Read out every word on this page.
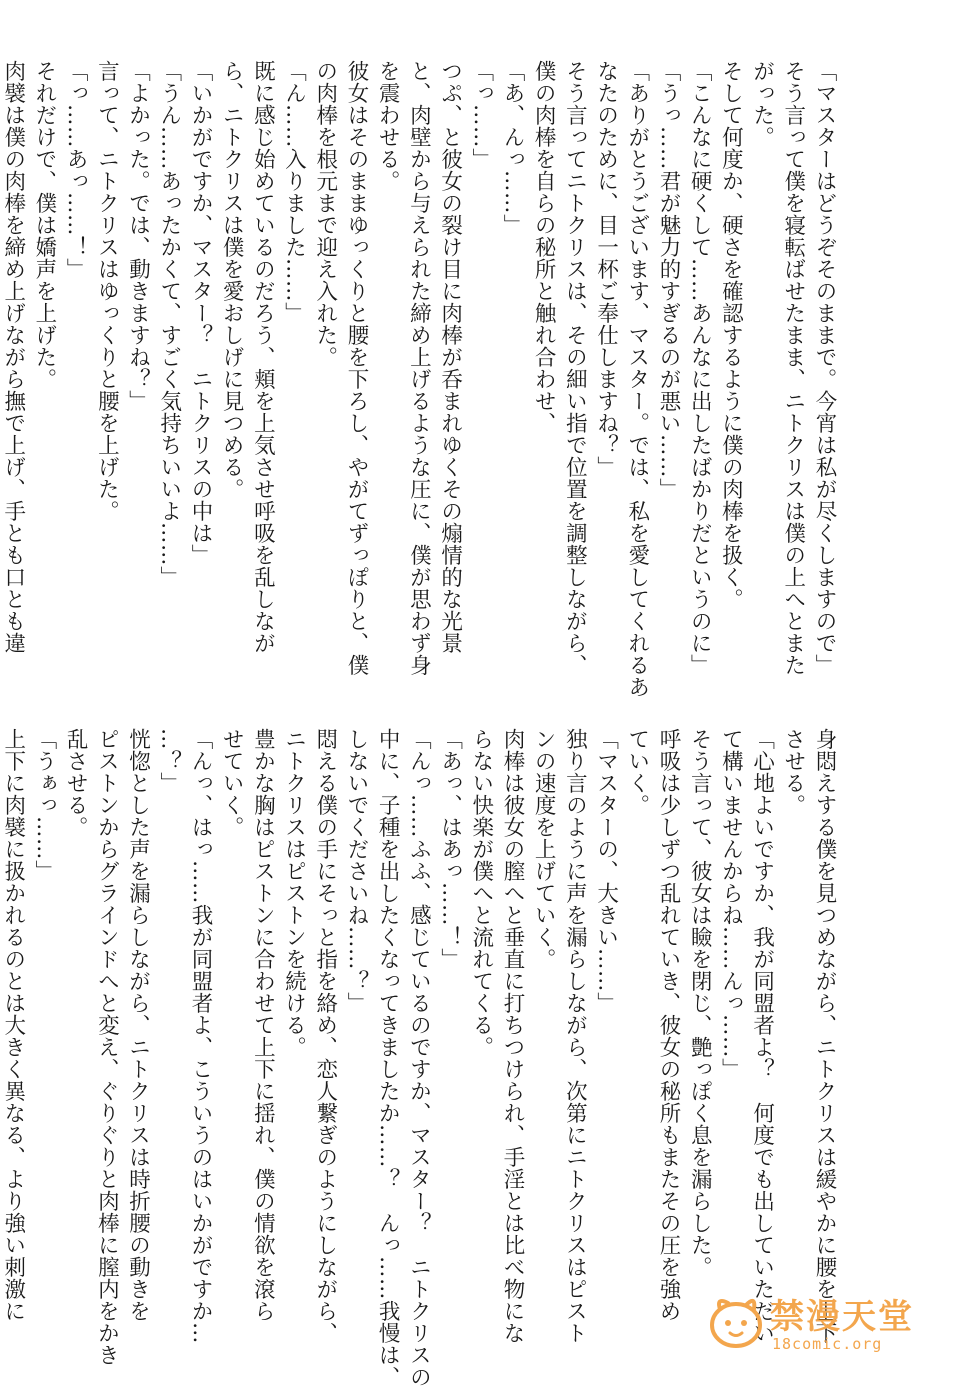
「マスターはどうぞそのままで。今宵は私が尽くしますので」
そう言って僕を寝転ばせたまま、ニトクリスは僕の上へとまた
がった。
そして何度か、硬さを確認するように僕の肉棒を扱く。
「こんなに硬くして……あんなに出したばかりだというのに」
「うっ……君が魅力的すぎるのが悪い……」
「ありがとうございます、マスター。では、私を愛してくれるあ
なたのために、目一杯ご奉仕しますね？」
そう言ってニトクリスは、その細い指で位置を調整しながら、
僕の肉棒を自らの秘所と触れ合わせ、
「あ、んっ……」
「っ……」
つぷ、と彼女の裂け目に肉棒が呑まれゆくその煽情的な光景
と、肉壁から与えられた締め上げるような圧に、僕が思わず身
を震わせる。
彼女はそのままゆっくりと腰を下ろし、やがてずっぽりと、僕
の肉棒を根元まで迎え入れた。
「ん……入りました……」
既に感じ始めているのだろう、頬を上気させ呼吸を乱しなが
ら、ニトクリスは僕を愛おしげに見つめる。
「いかがですか、マスター？　ニトクリスの中は」
「うん……あったかくて、すごく気持ちいいよ……」
「よかった。では、動きますね？」
言って、ニトクリスはゆっくりと腰を上げた。
「っ……あっ……！」
それだけで、僕は嬌声を上げた。
肉襞は僕の肉棒を締め上げながら撫で上げ、手とも口とも違
身悶えする僕を見つめながら、ニトクリスは緩やかに腰を上下
させる。
「心地よいですか、我が同盟者よ？　何度でも出していただい
て構いませんからね……んっ……」
そう言って、彼女は瞼を閉じ、艶っぽく息を漏らした。
呼吸は少しずつ乱れていき、彼女の秘所もまたその圧を強め
ていく。
「マスターの、大きい……」
独り言のように声を漏らしながら、次第にニトクリスはピスト
ンの速度を上げていく。
肉棒は彼女の膣へと垂直に打ちつけられ、手淫とは比べ物にな
らない快楽が僕へと流れてくる。
「あっ、はあっ……！」
「んっ……ふふ、感じているのですか、マスター？　ニトクリスの
中に、子種を出したくなってきましたか……？　んっ……我慢は、
しないでくださいね……？」
悶える僕の手にそっと指を絡め、恋人繋ぎのようにしながら、
ニトクリスはピストンを続ける。
豊かな胸はピストンに合わせて上下に揺れ、僕の情欲を滾ら
せていく。
「んっ、はっ……我が同盟者よ、こういうのはいかがですか…
…？」
恍惚とした声を漏らしながら、ニトクリスは時折腰の動きを
ピストンからグラインドへと変え、ぐりぐりと肉棒に膣内をかき
乱させる。
「うぁっ……」
上下に肉襞に扱かれるのとは大きく異なる、より強い刺激に	禁漫天堂
18comic.org
